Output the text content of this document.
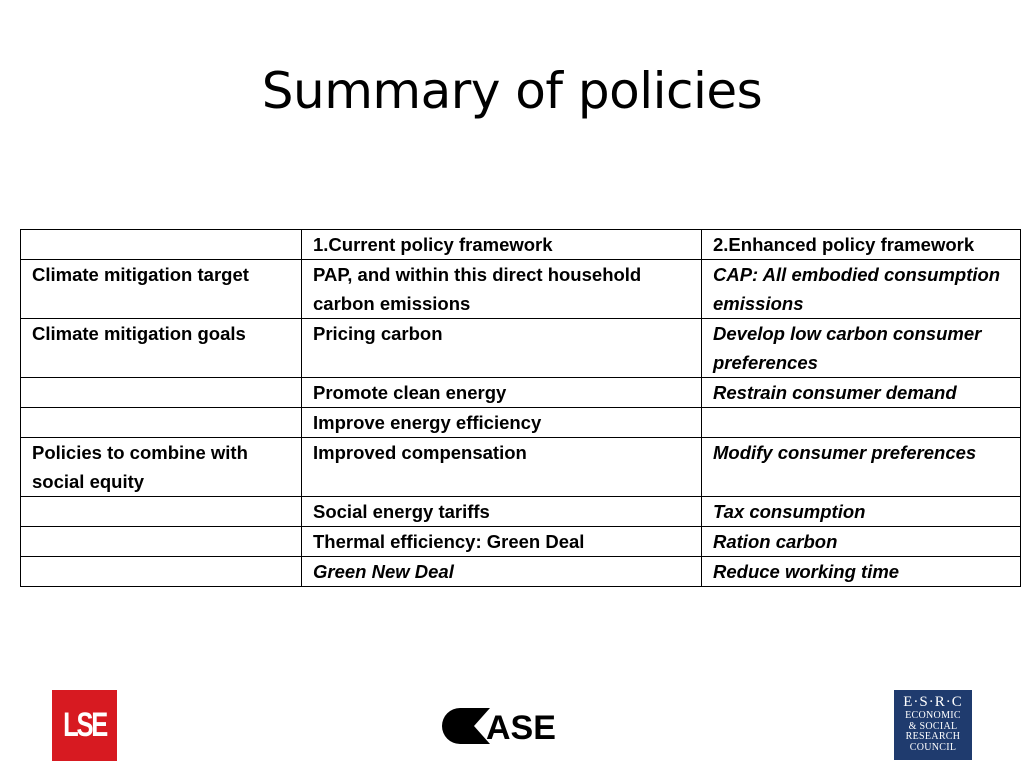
Summary of policies
	1.Current policy framework	2.Enhanced policy framework
Climate mitigation target	PAP, and within this direct household carbon emissions	CAP: All embodied consumption emissions
Climate mitigation goals	Pricing carbon	Develop low carbon consumer preferences
	Promote clean energy	Restrain consumer demand
	Improve energy efficiency	
Policies to combine with social equity	Improved compensation	Modify consumer preferences
	Social energy tariffs	Tax consumption
	Thermal efficiency: Green Deal	Ration carbon
	Green New Deal	Reduce working time
LSE	ASE
E·S·R·C
ECONOMIC
& SOCIAL
RESEARCH
COUNCIL
